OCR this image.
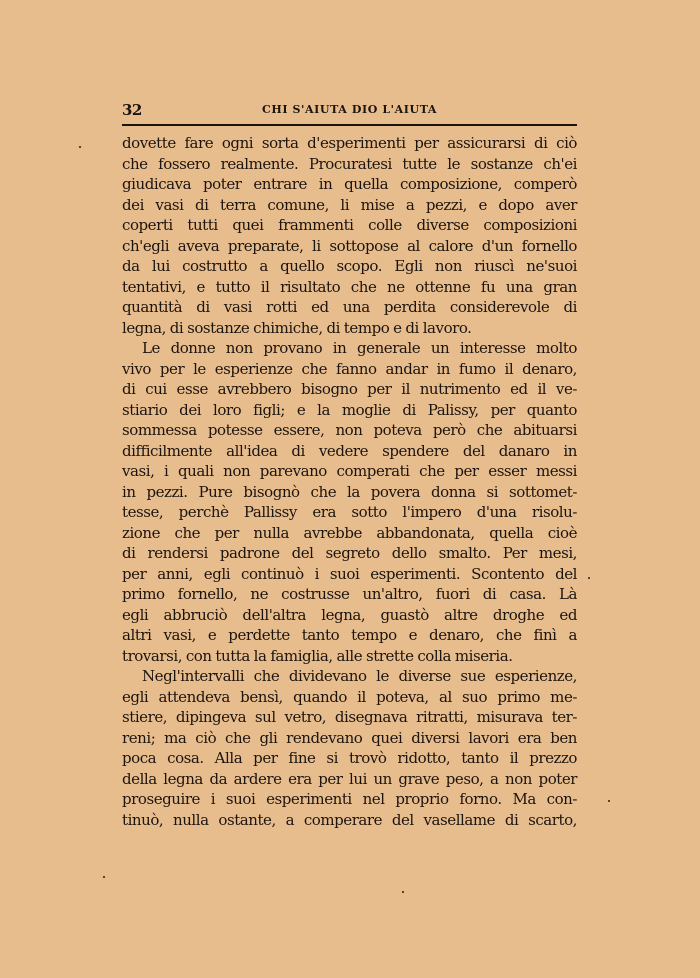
32	CHI S'AIUTA DIO L'AIUTA
dovette fare ogni sorta d'esperimenti per assicurarsi di ciò
che fossero realmente. Procuratesi tutte le sostanze ch'ei
giudicava poter entrare in quella composizione, comperò
dei vasi di terra comune, li mise a pezzi, e dopo aver
coperti tutti quei frammenti colle diverse composizioni
ch'egli aveva preparate, li sottopose al calore d'un fornello
da lui costrutto a quello scopo. Egli non riuscì ne'suoi
tentativi, e tutto il risultato che ne ottenne fu una gran
quantità di vasi rotti ed una perdita considerevole di
legna, di sostanze chimiche, di tempo e di lavoro.
Le donne non provano in generale un interesse molto
vivo per le esperienze che fanno andar in fumo il denaro,
di cui esse avrebbero bisogno per il nutrimento ed il ve-
stiario dei loro figli; e la moglie di Palissy, per quanto
sommessa potesse essere, non poteva però che abituarsi
difficilmente all'idea di vedere spendere del danaro in
vasi, i quali non parevano comperati che per esser messi
in pezzi. Pure bisognò che la povera donna si sottomet-
tesse, perchè Pallissy era sotto l'impero d'una risolu-
zione che per nulla avrebbe abbandonata, quella cioè
di rendersi padrone del segreto dello smalto. Per mesi,
per anni, egli continuò i suoi esperimenti. Scontento del
primo fornello, ne costrusse un'altro, fuori di casa. Là
egli abbruciò dell'altra legna, guastò altre droghe ed
altri vasi, e perdette tanto tempo e denaro, che finì a
trovarsi, con tutta la famiglia, alle strette colla miseria.
Negl'intervalli che dividevano le diverse sue esperienze,
egli attendeva bensì, quando il poteva, al suo primo me-
stiere, dipingeva sul vetro, disegnava ritratti, misurava ter-
reni; ma ciò che gli rendevano quei diversi lavori era ben
poca cosa. Alla per fine si trovò ridotto, tanto il prezzo
della legna da ardere era per lui un grave peso, a non poter
proseguire i suoi esperimenti nel proprio forno. Ma con-
tinuò, nulla ostante, a comperare del vasellame di scarto,
